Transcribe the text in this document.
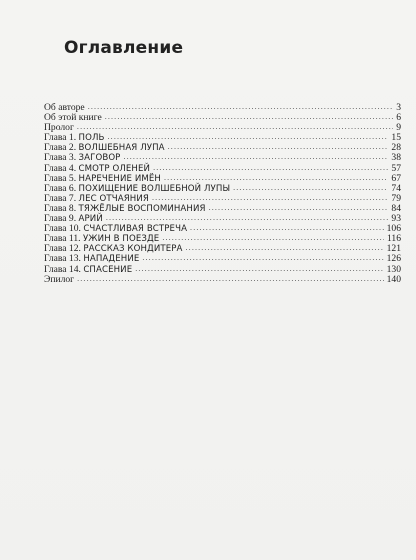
Оглавление
Об авторе .....	3
Об этой книге .....	6
Пролог .....	9
Глава 1. ПОЛЬ .....	15
Глава 2. ВОЛШЕБНАЯ ЛУПА .....	28
Глава 3. ЗАГОВОР .....	38
Глава 4. СМОТР ОЛЕНЕЙ .....	57
Глава 5. НАРЕЧЕНИЕ ИМЁН .....	67
Глава 6. ПОХИЩЕНИЕ ВОЛШЕБНОЙ ЛУПЫ .....	74
Глава 7. ЛЕС ОТЧАЯНИЯ .....	79
Глава 8. ТЯЖЁЛЫЕ ВОСПОМИНАНИЯ .....	84
Глава 9. АРИЙ .....	93
Глава 10. СЧАСТЛИВАЯ ВСТРЕЧА .....	106
Глава 11. УЖИН В ПОЕЗДЕ .....	116
Глава 12. РАССКАЗ КОНДИТЕРА .....	121
Глава 13. НАПАДЕНИЕ .....	126
Глава 14. СПАСЕНИЕ .....	130
Эпилог .....	140
